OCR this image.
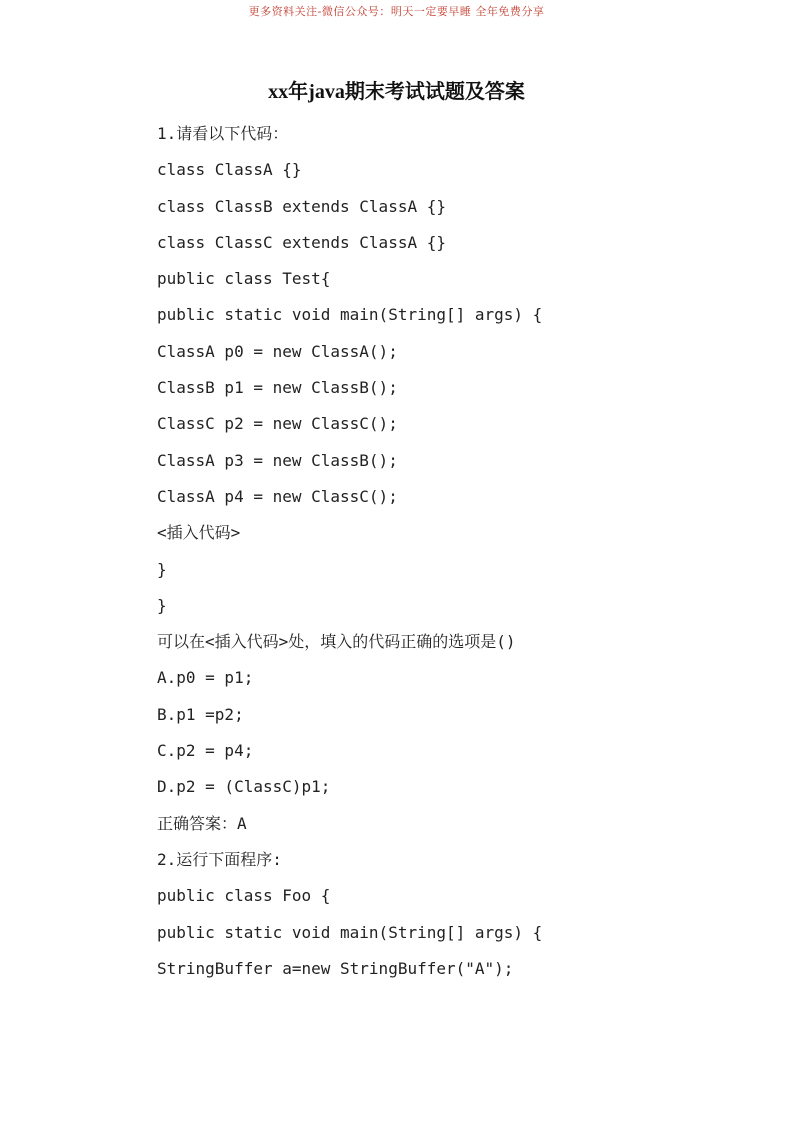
更多资料关注-微信公众号：明天一定要早睡 全年免费分享
xx年java期末考试试题及答案
1.请看以下代码：
class ClassA {}
class ClassB extends ClassA {}
class ClassC extends ClassA {}
public class Test{
public static void main(String[] args) {
ClassA p0 = new ClassA();
ClassB p1 = new ClassB();
ClassC p2 = new ClassC();
ClassA p3 = new ClassB();
ClassA p4 = new ClassC();
<插入代码>
}
}
可以在<插入代码>处，填入的代码正确的选项是()
A.p0 = p1;
B.p1 =p2;
C.p2 = p4;
D.p2 = (ClassC)p1;
正确答案：A
2.运行下面程序:
public class Foo {
public static void main(String[] args) {
StringBuffer a=new StringBuffer("A");
